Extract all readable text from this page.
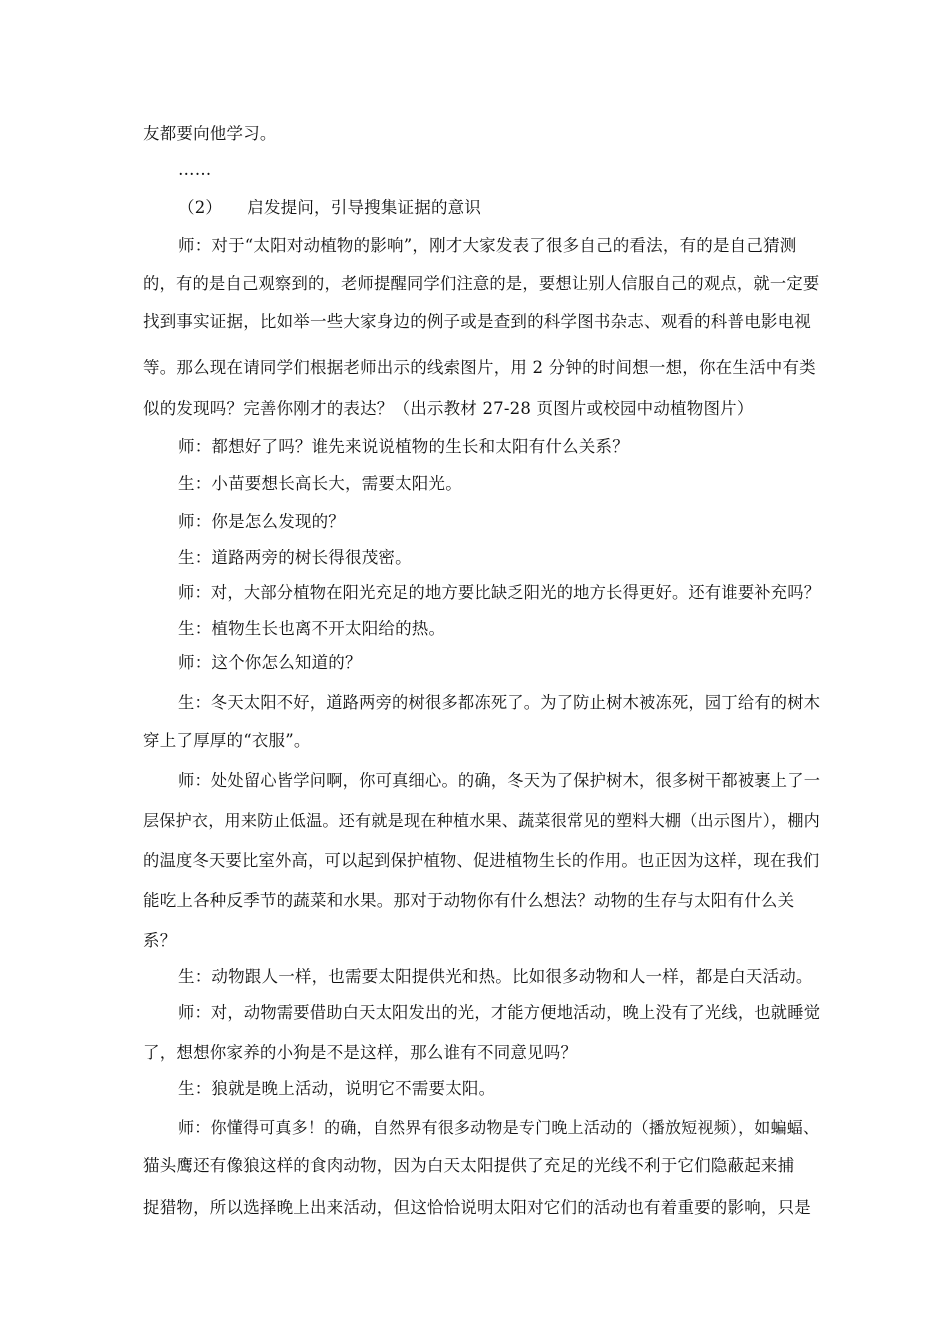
友都要向他学习。
……
（2）　　启发提问，引导搜集证据的意识
师：对于“太阳对动植物的影响”，刚才大家发表了很多自己的看法，有的是自己猜测
的，有的是自己观察到的，老师提醒同学们注意的是，要想让别人信服自己的观点，就一定要
找到事实证据，比如举一些大家身边的例子或是查到的科学图书杂志、观看的科普电影电视
等。那么现在请同学们根据老师出示的线索图片，用 2 分钟的时间想一想，你在生活中有类
似的发现吗？完善你刚才的表达？（出示教材 27-28 页图片或校园中动植物图片）
师：都想好了吗？谁先来说说植物的生长和太阳有什么关系？
生：小苗要想长高长大，需要太阳光。
师：你是怎么发现的？
生：道路两旁的树长得很茂密。
师：对，大部分植物在阳光充足的地方要比缺乏阳光的地方长得更好。还有谁要补充吗？
生：植物生长也离不开太阳给的热。
师：这个你怎么知道的？
生：冬天太阳不好，道路两旁的树很多都冻死了。为了防止树木被冻死，园丁给有的树木
穿上了厚厚的“衣服”。
师：处处留心皆学问啊，你可真细心。的确，冬天为了保护树木，很多树干都被裹上了一
层保护衣，用来防止低温。还有就是现在种植水果、蔬菜很常见的塑料大棚（出示图片），棚内
的温度冬天要比室外高，可以起到保护植物、促进植物生长的作用。也正因为这样，现在我们
能吃上各种反季节的蔬菜和水果。那对于动物你有什么想法？动物的生存与太阳有什么关
系？
生：动物跟人一样，也需要太阳提供光和热。比如很多动物和人一样，都是白天活动。
师：对，动物需要借助白天太阳发出的光，才能方便地活动，晚上没有了光线，也就睡觉
了，想想你家养的小狗是不是这样，那么谁有不同意见吗？
生：狼就是晚上活动，说明它不需要太阳。
师：你懂得可真多！的确，自然界有很多动物是专门晚上活动的（播放短视频），如蝙蝠、
猫头鹰还有像狼这样的食肉动物，因为白天太阳提供了充足的光线不利于它们隐蔽起来捕
捉猎物，所以选择晚上出来活动，但这恰恰说明太阳对它们的活动也有着重要的影响，只是
